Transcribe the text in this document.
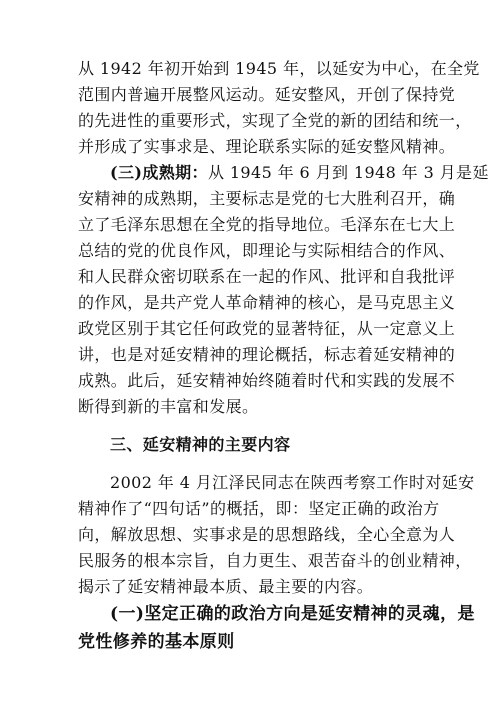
从 1942 年初开始到 1945 年，以延安为中心，在全党
范围内普遍开展整风运动。延安整风，开创了保持党
的先进性的重要形式，实现了全党的新的团结和统一，
并形成了实事求是、理论联系实际的延安整风精神。
(三)成熟期：从 1945 年 6 月到 1948 年 3 月是延
安精神的成熟期，主要标志是党的七大胜利召开，确
立了毛泽东思想在全党的指导地位。毛泽东在七大上
总结的党的优良作风，即理论与实际相结合的作风、
和人民群众密切联系在一起的作风、批评和自我批评
的作风，是共产党人革命精神的核心，是马克思主义
政党区别于其它任何政党的显著特征，从一定意义上
讲，也是对延安精神的理论概括，标志着延安精神的
成熟。此后，延安精神始终随着时代和实践的发展不
断得到新的丰富和发展。
三、延安精神的主要内容
2002 年 4 月江泽民同志在陕西考察工作时对延安
精神作了“四句话”的概括，即：坚定正确的政治方
向，解放思想、实事求是的思想路线，全心全意为人
民服务的根本宗旨，自力更生、艰苦奋斗的创业精神，
揭示了延安精神最本质、最主要的内容。
(一)坚定正确的政治方向是延安精神的灵魂，是
党性修养的基本原则
